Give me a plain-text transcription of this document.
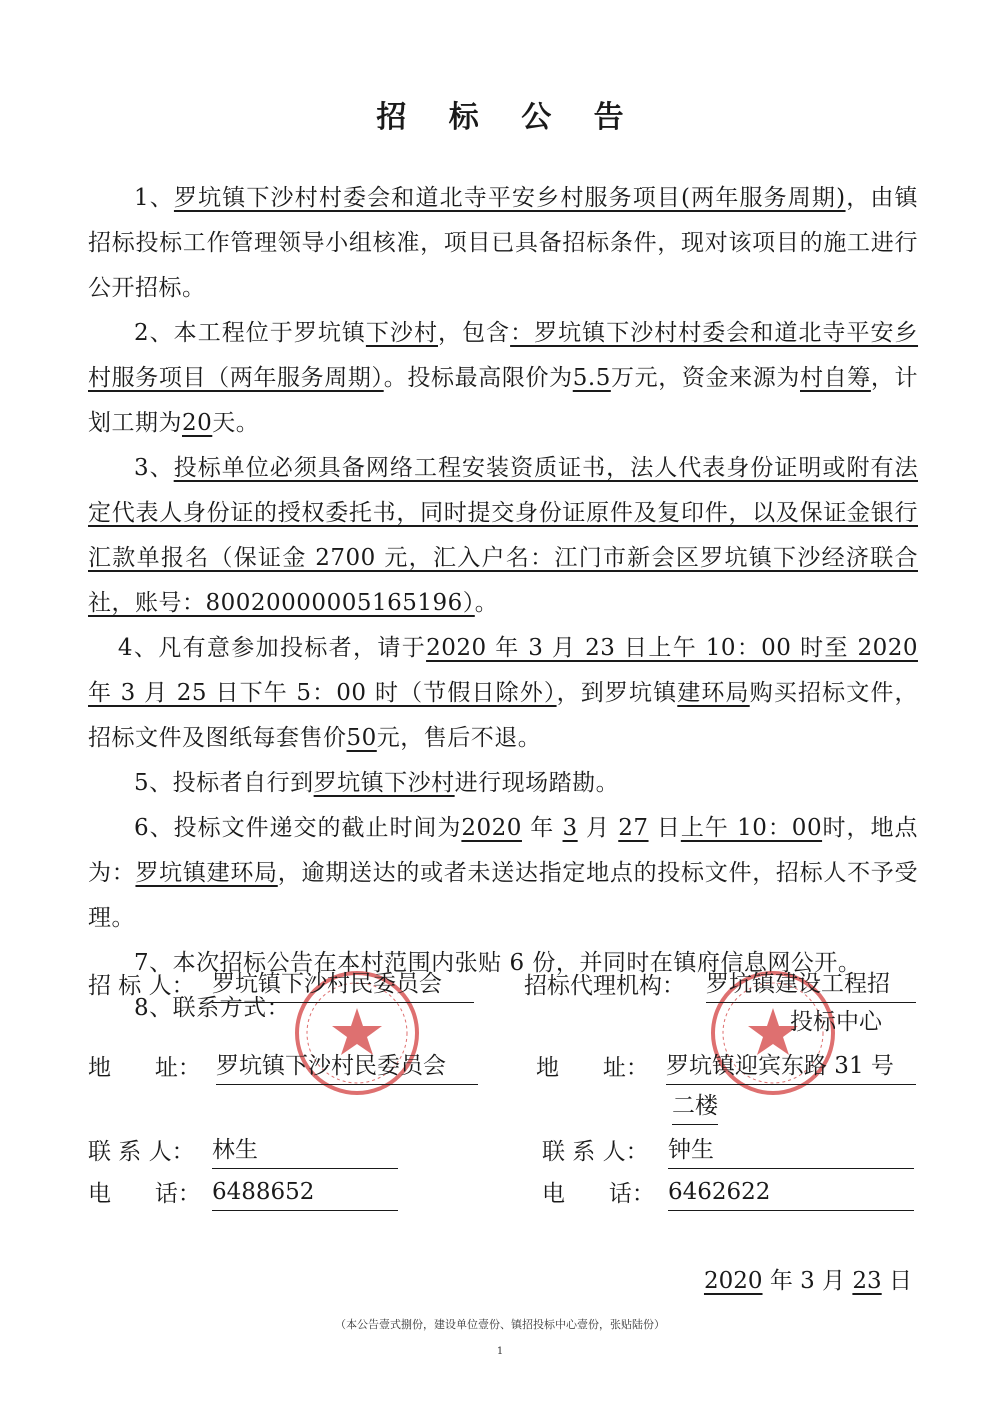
招 标 公 告

1、罗坑镇下沙村村委会和道北寺平安乡村服务项目(两年服务周期)，由镇招标投标工作管理领导小组核准，项目已具备招标条件，现对该项目的施工进行公开招标。

2、本工程位于罗坑镇下沙村，包含：罗坑镇下沙村村委会和道北寺平安乡村服务项目（两年服务周期）。投标最高限价为5.5万元，资金来源为村自筹，计划工期为20天。

3、投标单位必须具备网络工程安装资质证书，法人代表身份证明或附有法定代表人身份证的授权委托书，同时提交身份证原件及复印件，以及保证金银行汇款单报名（保证金 2700 元，汇入户名：江门市新会区罗坑镇下沙经济联合社，账号：80020000005165196）。

4、凡有意参加投标者，请于2020 年 3 月 23 日上午 10：00 时至 2020 年 3 月 25 日下午 5：00 时（节假日除外），到罗坑镇建环局购买招标文件，招标文件及图纸每套售价50元，售后不退。

5、投标者自行到罗坑镇下沙村进行现场踏勘。

6、投标文件递交的截止时间为2020 年 3 月 27 日上午 10：00时，地点为：罗坑镇建环局，逾期送达的或者未送达指定地点的投标文件，招标人不予受理。

7、本次招标公告在本村范围内张贴 6 份，并同时在镇府信息网公开。

8、联系方式：

招 标 人： 罗坑镇下沙村民委员会	招标代理机构： 罗坑镇建设工程招
投标中心
地      址： 罗坑镇下沙村民委员会	地      址： 罗坑镇迎宾东路 31 号
二楼
联 系 人： 林生	联 系 人： 钟生
电      话： 6488652	电      话： 6462622
2020 年 3 月 23 日
（本公告壹式捌份，建设单位壹份、镇招投标中心壹份，张贴陆份）
1
